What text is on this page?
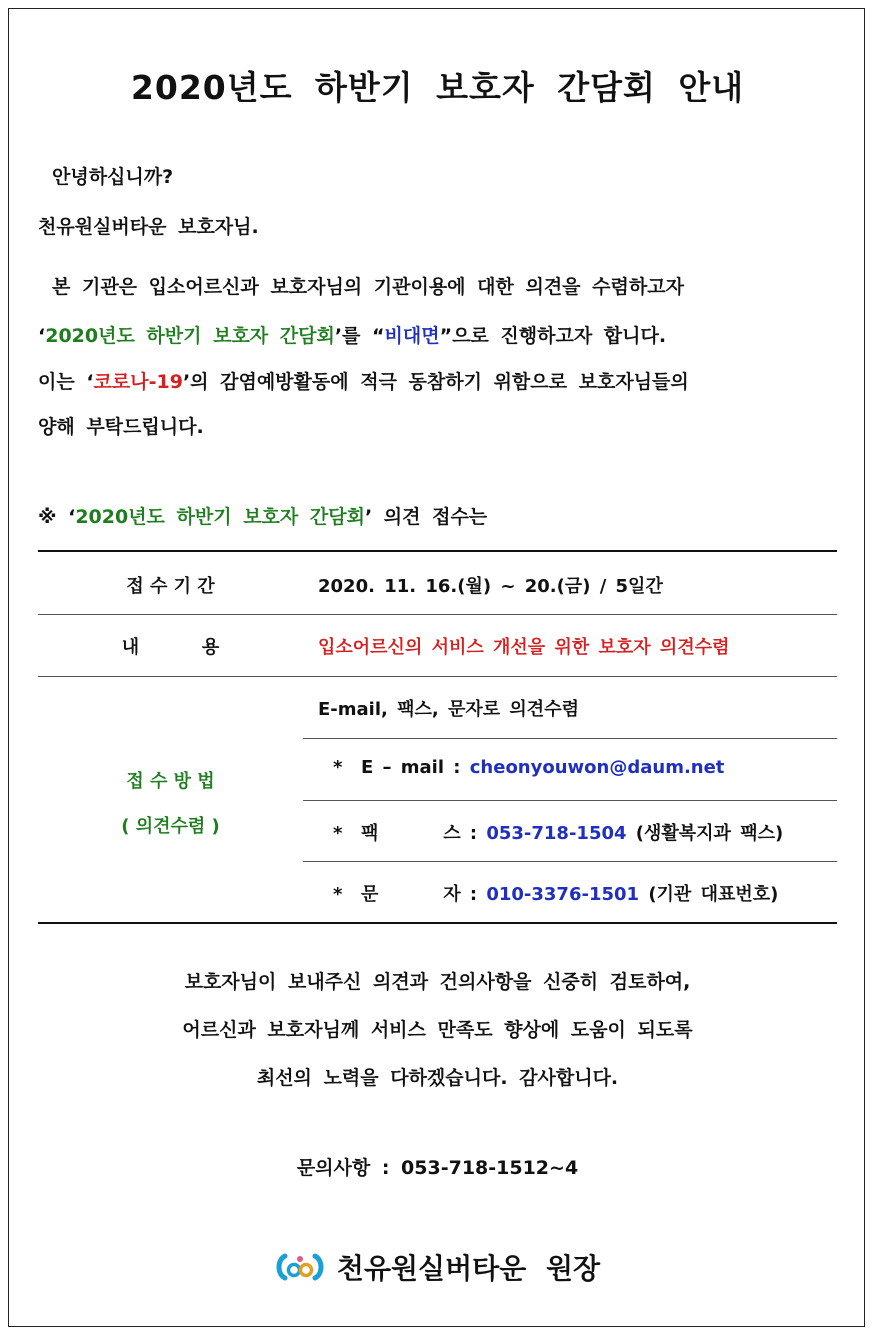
2020년도 하반기 보호자 간담회 안내
안녕하십니까?
천유원실버타운 보호자님.
본 기관은 입소어르신과 보호자님의 기관이용에 대한 의견을 수렴하고자
‘2020년도 하반기 보호자 간담회’를 “비대면”으로 진행하고자 합니다.
이는 ‘코로나-19’의 감염예방활동에 적극 동참하기 위함으로 보호자님들의
양해 부탁드립니다.
※ ‘2020년도 하반기 보호자 간담회’ 의견 접수는
접 수 기 간	2020. 11. 16.(월) ~ 20.(금) / 5일간
내          용	입소어르신의 서비스 개선을 위한 보호자 의견수렴
접 수 방 법
( 의견수렴 )
E-mail, 팩스, 문자로 의견수렴
*  E – mail : cheonyouwon@daum.net
*  팩       스 : 053-718-1504 (생활복지과 팩스)
*  문       자 : 010-3376-1501 (기관 대표번호)
보호자님이 보내주신 의견과 건의사항을 신중히 검토하여,
어르신과 보호자님께 서비스 만족도 향상에 도움이 되도록
최선의 노력을 다하겠습니다. 감사합니다.
문의사항 : 053-718-1512~4
천유원실버타운 원장
